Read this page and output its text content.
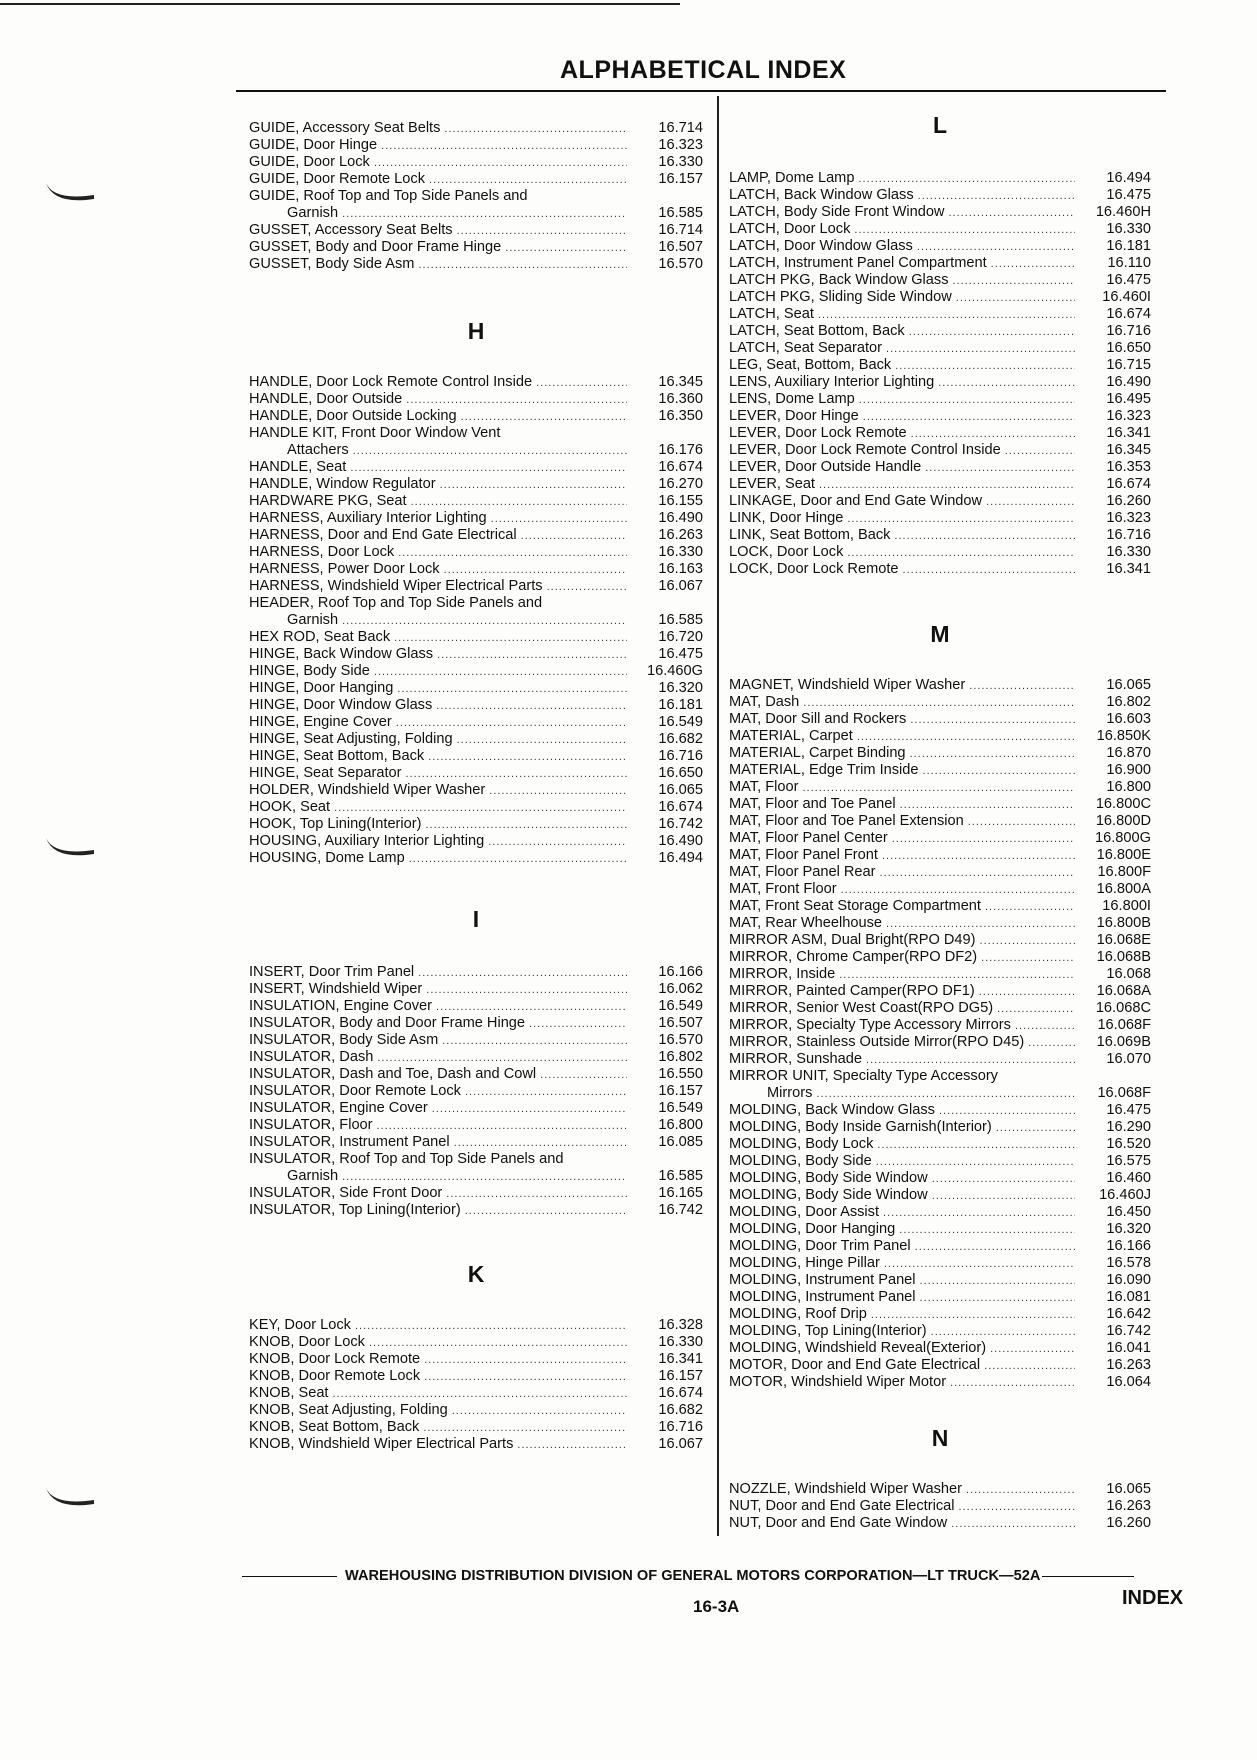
ALPHABETICAL INDEX
GUIDE, Accessory Seat Belts .....	16.714
GUIDE, Door Hinge .....	16.323
GUIDE, Door Lock .....	16.330
GUIDE, Door Remote Lock .....	16.157
GUIDE, Roof Top and Top Side Panels and
Garnish .....	16.585
GUSSET, Accessory Seat Belts .....	16.714
GUSSET, Body and Door Frame Hinge .....	16.507
GUSSET, Body Side Asm .....	16.570
H
HANDLE, Door Lock Remote Control Inside .....	16.345
HANDLE, Door Outside .....	16.360
HANDLE, Door Outside Locking .....	16.350
HANDLE KIT, Front Door Window Vent
Attachers .....	16.176
HANDLE, Seat .....	16.674
HANDLE, Window Regulator .....	16.270
HARDWARE PKG, Seat .....	16.155
HARNESS, Auxiliary Interior Lighting .....	16.490
HARNESS, Door and End Gate Electrical .....	16.263
HARNESS, Door Lock .....	16.330
HARNESS, Power Door Lock .....	16.163
HARNESS, Windshield Wiper Electrical Parts .....	16.067
HEADER, Roof Top and Top Side Panels and
Garnish .....	16.585
HEX ROD, Seat Back .....	16.720
HINGE, Back Window Glass .....	16.475
HINGE, Body Side .....	16.460G
HINGE, Door Hanging .....	16.320
HINGE, Door Window Glass .....	16.181
HINGE, Engine Cover .....	16.549
HINGE, Seat Adjusting, Folding .....	16.682
HINGE, Seat Bottom, Back .....	16.716
HINGE, Seat Separator .....	16.650
HOLDER, Windshield Wiper Washer .....	16.065
HOOK, Seat .....	16.674
HOOK, Top Lining(Interior) .....	16.742
HOUSING, Auxiliary Interior Lighting .....	16.490
HOUSING, Dome Lamp .....	16.494
I
INSERT, Door Trim Panel .....	16.166
INSERT, Windshield Wiper .....	16.062
INSULATION, Engine Cover .....	16.549
INSULATOR, Body and Door Frame Hinge .....	16.507
INSULATOR, Body Side Asm .....	16.570
INSULATOR, Dash .....	16.802
INSULATOR, Dash and Toe, Dash and Cowl .....	16.550
INSULATOR, Door Remote Lock .....	16.157
INSULATOR, Engine Cover .....	16.549
INSULATOR, Floor .....	16.800
INSULATOR, Instrument Panel .....	16.085
INSULATOR, Roof Top and Top Side Panels and
Garnish .....	16.585
INSULATOR, Side Front Door .....	16.165
INSULATOR, Top Lining(Interior) .....	16.742
K
KEY, Door Lock .....	16.328
KNOB, Door Lock .....	16.330
KNOB, Door Lock Remote .....	16.341
KNOB, Door Remote Lock .....	16.157
KNOB, Seat .....	16.674
KNOB, Seat Adjusting, Folding .....	16.682
KNOB, Seat Bottom, Back .....	16.716
KNOB, Windshield Wiper Electrical Parts .....	16.067
L
LAMP, Dome Lamp .....	16.494
LATCH, Back Window Glass .....	16.475
LATCH, Body Side Front Window .....	16.460H
LATCH, Door Lock .....	16.330
LATCH, Door Window Glass .....	16.181
LATCH, Instrument Panel Compartment .....	16.110
LATCH PKG, Back Window Glass .....	16.475
LATCH PKG, Sliding Side Window .....	16.460I
LATCH, Seat .....	16.674
LATCH, Seat Bottom, Back .....	16.716
LATCH, Seat Separator .....	16.650
LEG, Seat, Bottom, Back .....	16.715
LENS, Auxiliary Interior Lighting .....	16.490
LENS, Dome Lamp .....	16.495
LEVER, Door Hinge .....	16.323
LEVER, Door Lock Remote .....	16.341
LEVER, Door Lock Remote Control Inside .....	16.345
LEVER, Door Outside Handle .....	16.353
LEVER, Seat .....	16.674
LINKAGE, Door and End Gate Window .....	16.260
LINK, Door Hinge .....	16.323
LINK, Seat Bottom, Back .....	16.716
LOCK, Door Lock .....	16.330
LOCK, Door Lock Remote .....	16.341
M
MAGNET, Windshield Wiper Washer .....	16.065
MAT, Dash .....	16.802
MAT, Door Sill and Rockers .....	16.603
MATERIAL, Carpet .....	16.850K
MATERIAL, Carpet Binding .....	16.870
MATERIAL, Edge Trim Inside .....	16.900
MAT, Floor .....	16.800
MAT, Floor and Toe Panel .....	16.800C
MAT, Floor and Toe Panel Extension .....	16.800D
MAT, Floor Panel Center .....	16.800G
MAT, Floor Panel Front .....	16.800E
MAT, Floor Panel Rear .....	16.800F
MAT, Front Floor .....	16.800A
MAT, Front Seat Storage Compartment .....	16.800I
MAT, Rear Wheelhouse .....	16.800B
MIRROR ASM, Dual Bright(RPO D49) .....	16.068E
MIRROR, Chrome Camper(RPO DF2) .....	16.068B
MIRROR, Inside .....	16.068
MIRROR, Painted Camper(RPO DF1) .....	16.068A
MIRROR, Senior West Coast(RPO DG5) .....	16.068C
MIRROR, Specialty Type Accessory Mirrors .....	16.068F
MIRROR, Stainless Outside Mirror(RPO D45) .....	16.069B
MIRROR, Sunshade .....	16.070
MIRROR UNIT, Specialty Type Accessory
Mirrors .....	16.068F
MOLDING, Back Window Glass .....	16.475
MOLDING, Body Inside Garnish(Interior) .....	16.290
MOLDING, Body Lock .....	16.520
MOLDING, Body Side .....	16.575
MOLDING, Body Side Window .....	16.460
MOLDING, Body Side Window .....	16.460J
MOLDING, Door Assist .....	16.450
MOLDING, Door Hanging .....	16.320
MOLDING, Door Trim Panel .....	16.166
MOLDING, Hinge Pillar .....	16.578
MOLDING, Instrument Panel .....	16.090
MOLDING, Instrument Panel .....	16.081
MOLDING, Roof Drip .....	16.642
MOLDING, Top Lining(Interior) .....	16.742
MOLDING, Windshield Reveal(Exterior) .....	16.041
MOTOR, Door and End Gate Electrical .....	16.263
MOTOR, Windshield Wiper Motor .....	16.064
N
NOZZLE, Windshield Wiper Washer .....	16.065
NUT, Door and End Gate Electrical .....	16.263
NUT, Door and End Gate Window .....	16.260
WAREHOUSING DISTRIBUTION DIVISION OF GENERAL MOTORS CORPORATION—LT TRUCK—52A
16-3A	INDEX
